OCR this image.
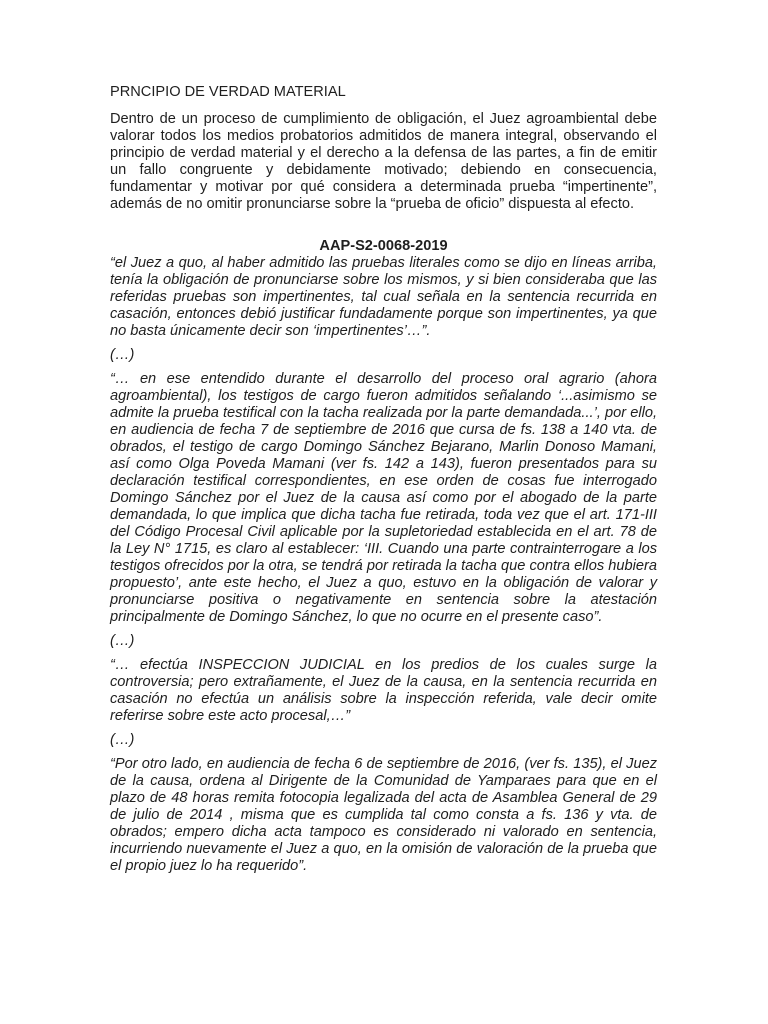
PRNCIPIO DE VERDAD MATERIAL

Dentro de un proceso de cumplimiento de obligación, el Juez agroambiental debe valorar todos los medios probatorios admitidos de manera integral, observando el principio de verdad material y el derecho a la defensa de las partes, a fin de emitir un fallo congruente y debidamente motivado; debiendo en consecuencia, fundamentar y motivar por qué considera a determinada prueba “impertinente”, además de no omitir pronunciarse sobre la “prueba de oficio” dispuesta al efecto.

AAP-S2-0068-2019

“el Juez a quo, al haber admitido las pruebas literales como se dijo en líneas arriba, tenía la obligación de pronunciarse sobre los mismos, y si bien consideraba que las referidas pruebas son impertinentes, tal cual señala en la sentencia recurrida en casación, entonces debió justificar fundadamente porque son impertinentes, ya que no basta únicamente decir son ‘impertinentes’…”.

(…)

“… en ese entendido durante el desarrollo del proceso oral agrario (ahora agroambiental), los testigos de cargo fueron admitidos señalando ‘...asimismo se admite la prueba testifical con la tacha realizada por la parte demandada...’, por ello, en audiencia de fecha 7 de septiembre de 2016 que cursa de fs. 138 a 140 vta. de obrados, el testigo de cargo Domingo Sánchez Bejarano, Marlin Donoso Mamani, así como Olga Poveda Mamani (ver fs. 142 a 143), fueron presentados para su declaración testifical correspondientes, en ese orden de cosas fue interrogado Domingo Sánchez por el Juez de la causa así como por el abogado de la parte demandada, lo que implica que dicha tacha fue retirada, toda vez que el art. 171-III del Código Procesal Civil aplicable por la supletoriedad establecida en el art. 78 de la Ley N° 1715, es claro al establecer: ‘III. Cuando una parte contrainterrogare a los testigos ofrecidos por la otra, se tendrá por retirada la tacha que contra ellos hubiera propuesto’, ante este hecho, el Juez a quo, estuvo en la obligación de valorar y pronunciarse positiva o negativamente en sentencia sobre la atestación principalmente de Domingo Sánchez, lo que no ocurre en el presente caso”.

(…)

“… efectúa INSPECCION JUDICIAL en los predios de los cuales surge la controversia; pero extrañamente, el Juez de la causa, en la sentencia recurrida en casación no efectúa un análisis sobre la inspección referida, vale decir omite referirse sobre este acto procesal,…”

(…)

“Por otro lado, en audiencia de fecha 6 de septiembre de 2016, (ver fs. 135), el Juez de la causa, ordena al Dirigente de la Comunidad de Yamparaes para que en el plazo de 48 horas remita fotocopia legalizada del acta de Asamblea General de 29 de julio de 2014 , misma que es cumplida tal como consta a fs. 136 y vta. de obrados; empero dicha acta tampoco es considerado ni valorado en sentencia, incurriendo nuevamente el Juez a quo, en la omisión de valoración de la prueba que el propio juez lo ha requerido”.
